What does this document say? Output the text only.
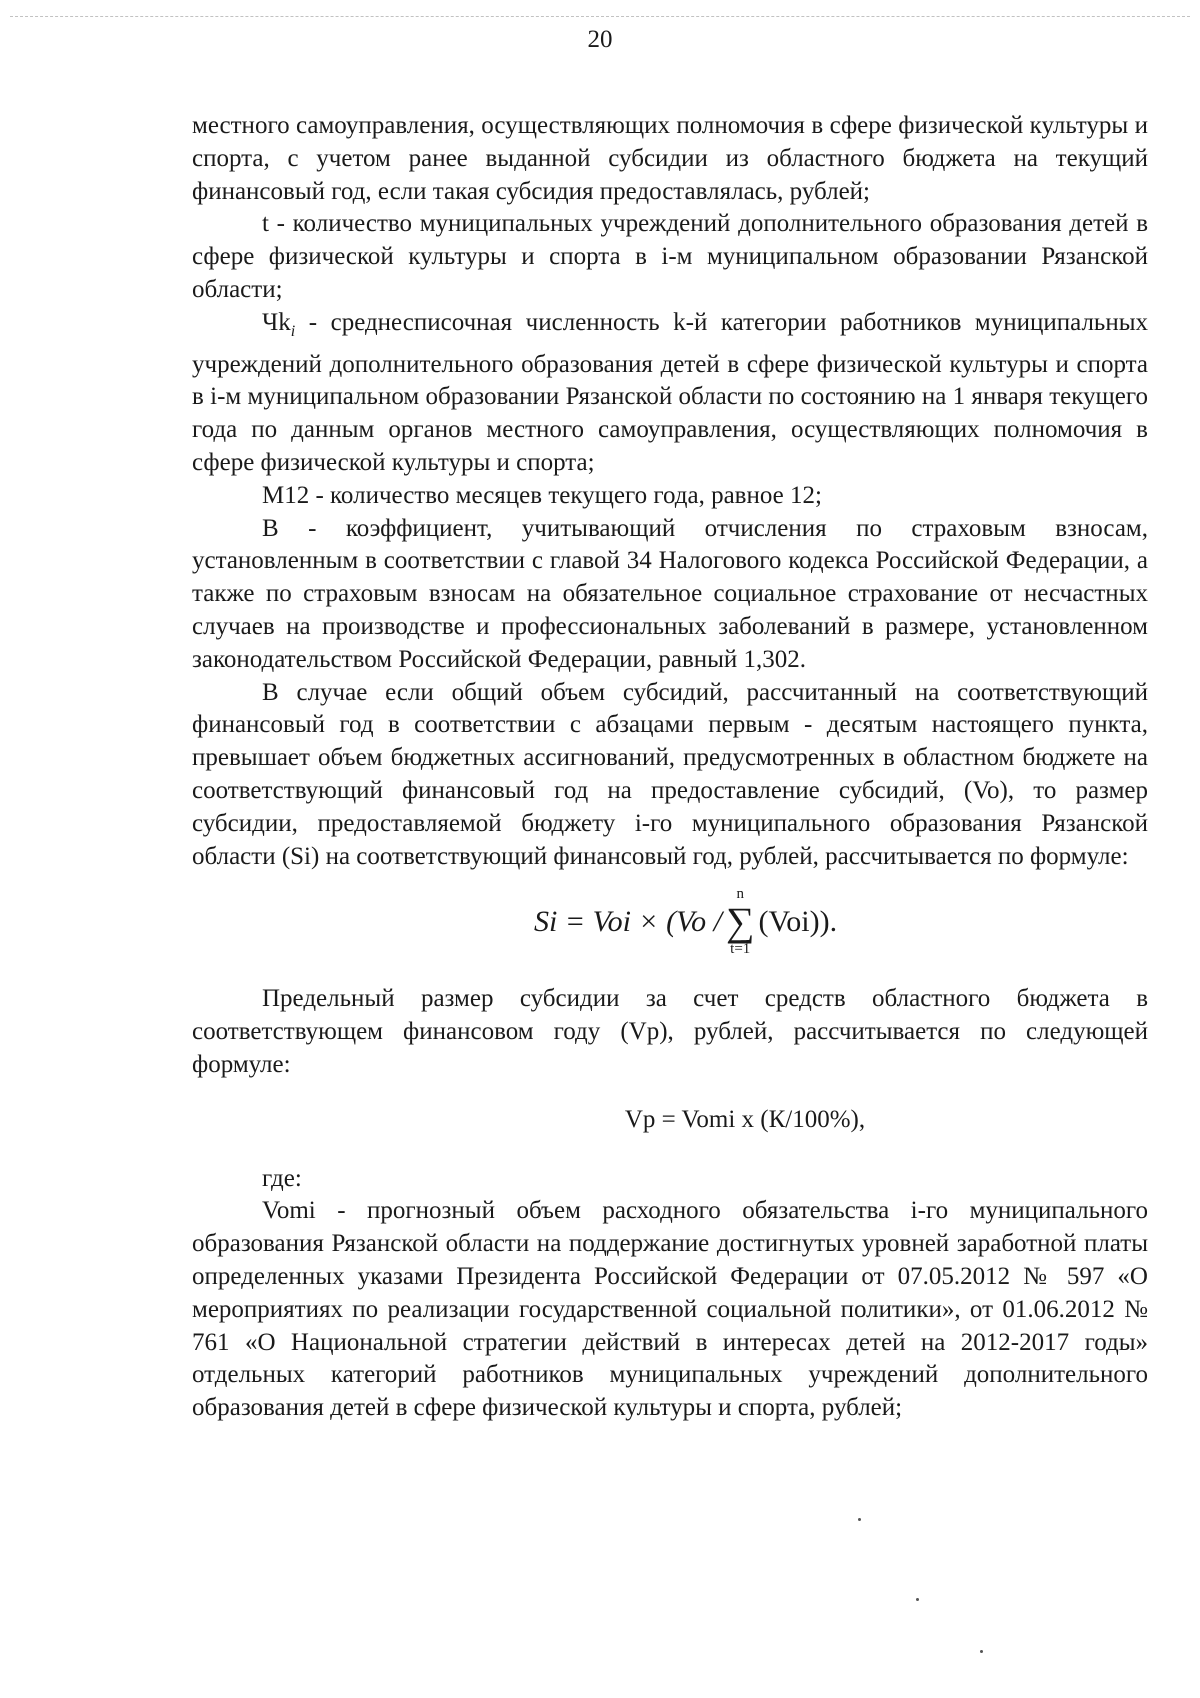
20

местного самоуправления, осуществляющих полномочия в сфере физической культуры и спорта, с учетом ранее выданной субсидии из областного бюджета на текущий финансовый год, если такая субсидия предоставлялась, рублей;

t - количество муниципальных учреждений дополнительного образования детей в сфере физической культуры и спорта в i-м муниципальном образовании Рязанской области;

$Чk_i$ - среднесписочная численность k-й категории работников муниципальных учреждений дополнительного образования детей в сфере физической культуры и спорта в i-м муниципальном образовании Рязанской области по состоянию на 1 января текущего года по данным органов местного самоуправления, осуществляющих полномочия в сфере физической культуры и спорта;

М12 - количество месяцев текущего года, равное 12;

В - коэффициент, учитывающий отчисления по страховым взносам, установленным в соответствии с главой 34 Налогового кодекса Российской Федерации, а также по страховым взносам на обязательное социальное страхование от несчастных случаев на производстве и профессиональных заболеваний в размере, установленном законодательством Российской Федерации, равный 1,302.

В случае если общий объем субсидий, рассчитанный на соответствующий финансовый год в соответствии с абзацами первым - десятым настоящего пункта, превышает объем бюджетных ассигнований, предусмотренных в областном бюджете на соответствующий финансовый год на предоставление субсидий, (Vo), то размер субсидии, предоставляемой бюджету i-го муниципального образования Рязанской области (Si) на соответствующий финансовый год, рублей, рассчитывается по формуле:

Si = Voi × (Vo /
n
∑
t=1
(Voi)).

Предельный размер субсидии за счет средств областного бюджета в соответствующем финансовом году (Vp), рублей, рассчитывается по следующей формуле:

Vp = Vomi x (К/100%),

где:

Vomi - прогнозный объем расходного обязательства i-го муниципального образования Рязанской области на поддержание достигнутых уровней заработной платы определенных указами Президента Российской Федерации от 07.05.2012 № 597 «О мероприятиях по реализации государственной социальной политики», от 01.06.2012 № 761 «О Национальной стратегии действий в интересах детей на 2012-2017 годы» отдельных категорий работников муниципальных учреждений дополнительного образования детей в сфере физической культуры и спорта, рублей;
